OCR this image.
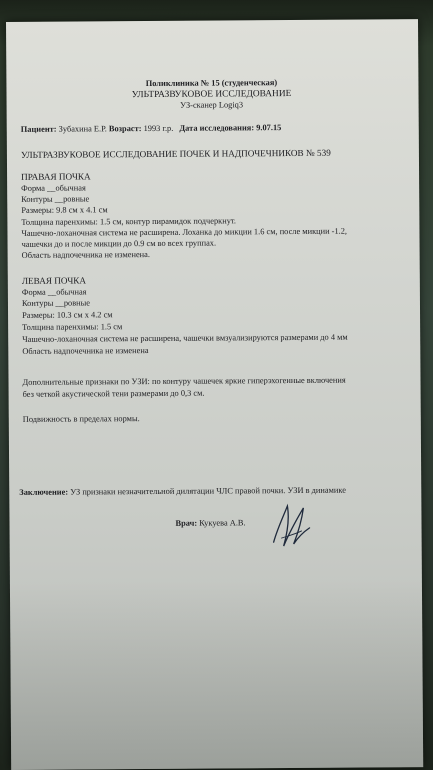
Поликлиника № 15 (студенческая)
УЛЬТРАЗВУКОВОЕ ИССЛЕДОВАНИЕ
УЗ-сканер Logiq3
Пациент: Зубахина Е.Р. Возраст: 1993 г.р. Дата исследования: 9.07.15
УЛЬТРАЗВУКОВОЕ ИССЛЕДОВАНИЕ ПОЧЕК И НАДПОЧЕЧНИКОВ № 539
ПРАВАЯ ПОЧКА
Форма __обычная
Контуры __ровные
Размеры: 9.8 см х 4.1 см
Толщина паренхимы: 1.5 см, контур пирамидок подчеркнут.
Чашечно-лоханочная система не расширена. Лоханка до микции 1.6 см, после микции -1.2,
чашечки до и после микции до 0.9 см во всех группах.
Область надпочечника не изменена.
ЛЕВАЯ ПОЧКА
Форма __обычная
Контуры __ровные
Размеры: 10.3 см х 4.2 см
Толщина паренхимы: 1.5 см
Чашечно-лоханочная система не расширена, чашечки вмзуализируются размерами до 4 мм
Область надпочечника не изменена
Дополнительные признаки по УЗИ: по контуру чашечек яркие гиперэхогенные включения
без четкой акустической тени размерами до 0,3 см.
Подвижность в пределах нормы.
Заключение: УЗ признаки незначительной дилятации ЧЛС правой почки. УЗИ в динамике
Врач: Кукуева А.В.
